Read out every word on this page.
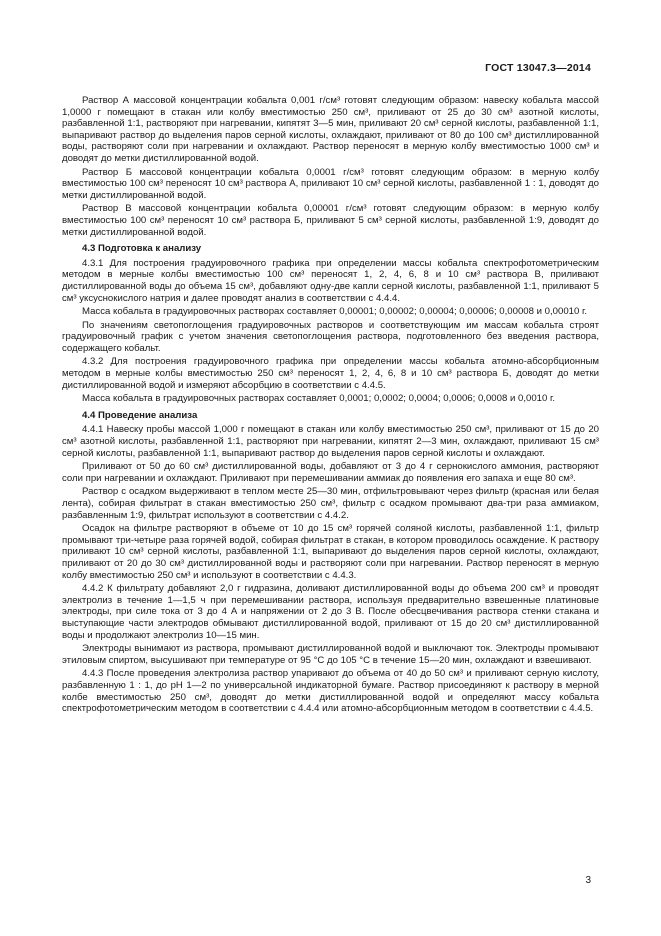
ГОСТ 13047.3—2014

Раствор А массовой концентрации кобальта 0,001 г/см³ готовят следующим образом: навеску кобальта массой 1,0000 г помещают в стакан или колбу вместимостью 250 см³, приливают от 25 до 30 см³ азотной кислоты, разбавленной 1:1, растворяют при нагревании, кипятят 3—5 мин, приливают 20 см³ серной кислоты, разбавленной 1:1, выпаривают раствор до выделения паров серной кислоты, охлаждают, приливают от 80 до 100 см³ дистиллированной воды, растворяют соли при нагревании и охлаждают. Раствор переносят в мерную колбу вместимостью 1000 см³ и доводят до метки дистиллированной водой.

Раствор Б массовой концентрации кобальта 0,0001 г/см³ готовят следующим образом: в мерную колбу вместимостью 100 см³ переносят 10 см³ раствора А, приливают 10 см³ серной кислоты, разбавленной 1 : 1, доводят до метки дистиллированной водой.

Раствор В массовой концентрации кобальта 0,00001 г/см³ готовят следующим образом: в мерную колбу вместимостью 100 см³ переносят 10 см³ раствора Б, приливают 5 см³ серной кислоты, разбавленной 1:9, доводят до метки дистиллированной водой.

4.3 Подготовка к анализу

4.3.1 Для построения градуировочного графика при определении массы кобальта спектрофотометрическим методом в мерные колбы вместимостью 100 см³ переносят 1, 2, 4, 6, 8 и 10 см³ раствора В, приливают дистиллированной воды до объема 15 см³, добавляют одну-две капли серной кислоты, разбавленной 1:1, приливают 5 см³ уксуснокислого натрия и далее проводят анализ в соответствии с 4.4.4.

Масса кобальта в градуировочных растворах составляет 0,00001; 0,00002; 0,00004; 0,00006; 0,00008 и 0,00010 г.

По значениям светопоглощения градуировочных растворов и соответствующим им массам кобальта строят градуировочный график с учетом значения светопоглощения раствора, подготовленного без введения раствора, содержащего кобальт.

4.3.2 Для построения градуировочного графика при определении массы кобальта атомно-абсорбционным методом в мерные колбы вместимостью 250 см³ переносят 1, 2, 4, 6, 8 и 10 см³ раствора Б, доводят до метки дистиллированной водой и измеряют абсорбцию в соответствии с 4.4.5.

Масса кобальта в градуировочных растворах составляет 0,0001; 0,0002; 0,0004; 0,0006; 0,0008 и 0,0010 г.

4.4 Проведение анализа

4.4.1 Навеску пробы массой 1,000 г помещают в стакан или колбу вместимостью 250 см³, приливают от 15 до 20 см³ азотной кислоты, разбавленной 1:1, растворяют при нагревании, кипятят 2—3 мин, охлаждают, приливают 15 см³ серной кислоты, разбавленной 1:1, выпаривают раствор до выделения паров серной кислоты и охлаждают.

Приливают от 50 до 60 см³ дистиллированной воды, добавляют от 3 до 4 г сернокислого аммония, растворяют соли при нагревании и охлаждают. Приливают при перемешивании аммиак до появления его запаха и еще 80 см³.

Раствор с осадком выдерживают в теплом месте 25—30 мин, отфильтровывают через фильтр (красная или белая лента), собирая фильтрат в стакан вместимостью 250 см³, фильтр с осадком промывают два-три раза аммиаком, разбавленным 1:9, фильтрат используют в соответствии с 4.4.2.

Осадок на фильтре растворяют в объеме от 10 до 15 см³ горячей соляной кислоты, разбавленной 1:1, фильтр промывают три-четыре раза горячей водой, собирая фильтрат в стакан, в котором проводилось осаждение. К раствору приливают 10 см³ серной кислоты, разбавленной 1:1, выпаривают до выделения паров серной кислоты, охлаждают, приливают от 20 до 30 см³ дистиллированной воды и растворяют соли при нагревании. Раствор переносят в мерную колбу вместимостью 250 см³ и используют в соответствии с 4.4.3.

4.4.2 К фильтрату добавляют 2,0 г гидразина, доливают дистиллированной воды до объема 200 см³ и проводят электролиз в течение 1—1,5 ч при перемешивании раствора, используя предварительно взвешенные платиновые электроды, при силе тока от 3 до 4 А и напряжении от 2 до 3 В. После обесцвечивания раствора стенки стакана и выступающие части электродов обмывают дистиллированной водой, приливают от 15 до 20 см³ дистиллированной воды и продолжают электролиз 10—15 мин.

Электроды вынимают из раствора, промывают дистиллированной водой и выключают ток. Электроды промывают этиловым спиртом, высушивают при температуре от 95 °С до 105 °С в течение 15—20 мин, охлаждают и взвешивают.

4.4.3 После проведения электролиза раствор упаривают до объема от 40 до 50 см³ и приливают серную кислоту, разбавленную 1 : 1, до рН 1—2 по универсальной индикаторной бумаге. Раствор присоединяют к раствору в мерной колбе вместимостью 250 см³, доводят до метки дистиллированной водой и определяют массу кобальта спектрофотометрическим методом в соответствии с 4.4.4 или атомно-абсорбционным методом в соответствии с 4.4.5.

3
